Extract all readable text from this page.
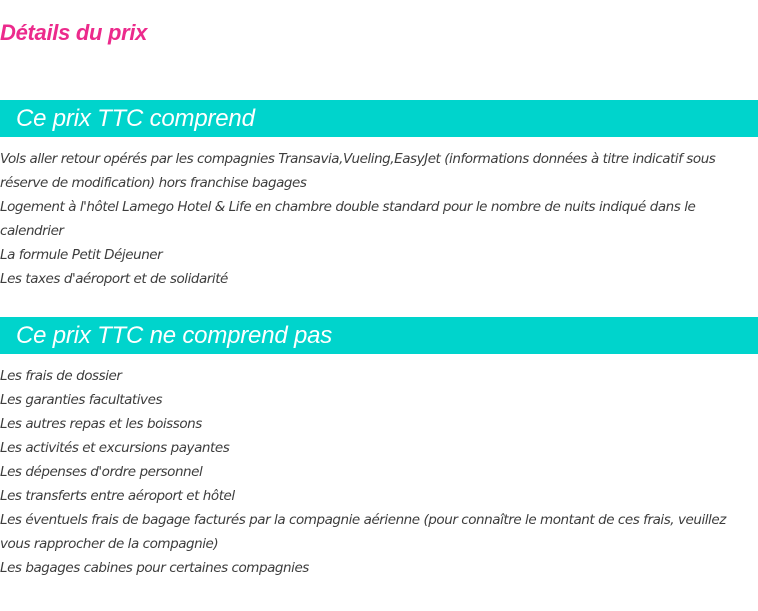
Détails du prix
Ce prix TTC comprend
Vols aller retour opérés par les compagnies Transavia,Vueling,EasyJet (informations données à titre indicatif sous réserve de modification) hors franchise bagages
Logement à l'hôtel Lamego Hotel & Life en chambre double standard pour le nombre de nuits indiqué dans le calendrier
La formule Petit Déjeuner
Les taxes d'aéroport et de solidarité
Ce prix TTC ne comprend pas
Les frais de dossier
Les garanties facultatives
Les autres repas et les boissons
Les activités et excursions payantes
Les dépenses d'ordre personnel
Les transferts entre aéroport et hôtel
Les éventuels frais de bagage facturés par la compagnie aérienne (pour connaître le montant de ces frais, veuillez vous rapprocher de la compagnie)
Les bagages cabines pour certaines compagnies
